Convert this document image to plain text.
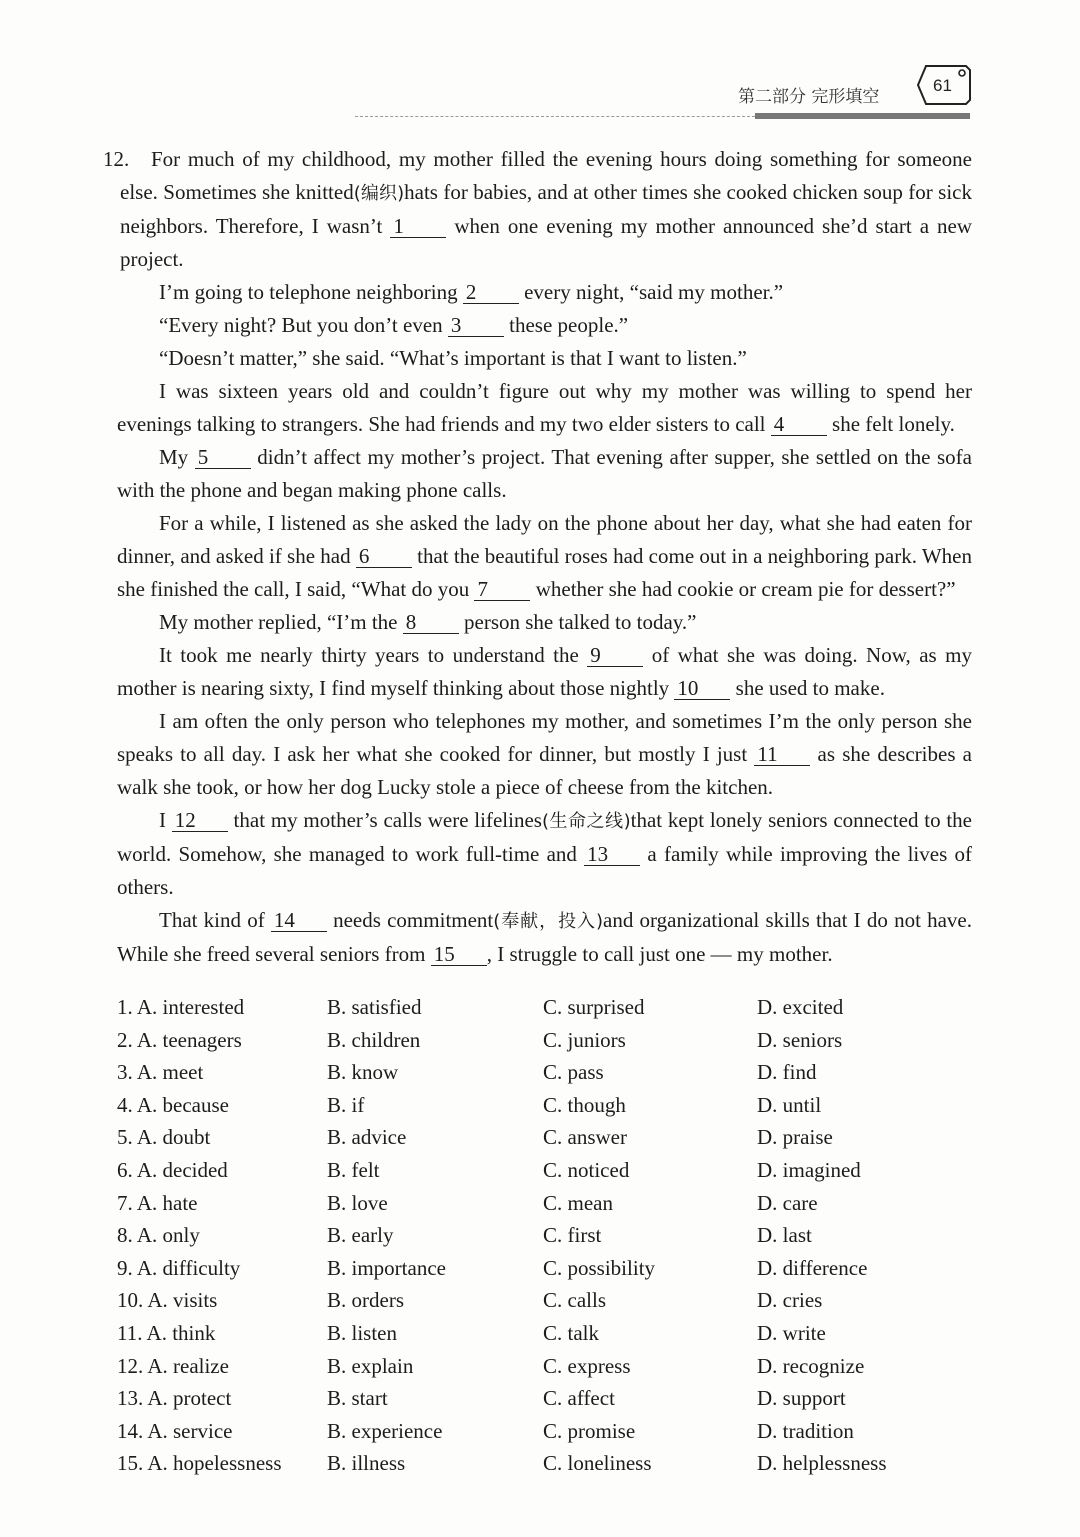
第二部分 完形填空
61

12. For much of my childhood, my mother filled the evening hours doing something for someone else. Sometimes she knitted(编织)hats for babies, and at other times she cooked chicken soup for sick neighbors. Therefore, I wasn’t 1 when one evening my mother announced she’d start a new project.

I’m going to telephone neighboring 2 every night, “said my mother.”

“Every night? But you don’t even 3 these people.”

“Doesn’t matter,” she said. “What’s important is that I want to listen.”

I was sixteen years old and couldn’t figure out why my mother was willing to spend her evenings talking to strangers. She had friends and my two elder sisters to call 4 she felt lonely.

My 5 didn’t affect my mother’s project. That evening after supper, she settled on the sofa with the phone and began making phone calls.

For a while, I listened as she asked the lady on the phone about her day, what she had eaten for dinner, and asked if she had 6 that the beautiful roses had come out in a neighboring park. When she finished the call, I said, “What do you 7 whether she had cookie or cream pie for dessert?”

My mother replied, “I’m the 8 person she talked to today.”

It took me nearly thirty years to understand the 9 of what she was doing. Now, as my mother is nearing sixty, I find myself thinking about those nightly 10 she used to make.

I am often the only person who telephones my mother, and sometimes I’m the only person she speaks to all day. I ask her what she cooked for dinner, but mostly I just 11 as she describes a walk she took, or how her dog Lucky stole a piece of cheese from the kitchen.

I 12 that my mother’s calls were lifelines(生命之线)that kept lonely seniors connected to the world. Somehow, she managed to work full-time and 13 a family while improving the lives of others.

That kind of 14 needs commitment(奉献，投入)and organizational skills that I do not have. While she freed several seniors from 15 , I struggle to call just one — my mother.

1. A. interested	B. satisfied	C. surprised	D. excited
2. A. teenagers	B. children	C. juniors	D. seniors
3. A. meet	B. know	C. pass	D. find
4. A. because	B. if	C. though	D. until
5. A. doubt	B. advice	C. answer	D. praise
6. A. decided	B. felt	C. noticed	D. imagined
7. A. hate	B. love	C. mean	D. care
8. A. only	B. early	C. first	D. last
9. A. difficulty	B. importance	C. possibility	D. difference
10. A. visits	B. orders	C. calls	D. cries
11. A. think	B. listen	C. talk	D. write
12. A. realize	B. explain	C. express	D. recognize
13. A. protect	B. start	C. affect	D. support
14. A. service	B. experience	C. promise	D. tradition
15. A. hopelessness B. illness	C. loneliness	D. helplessness
